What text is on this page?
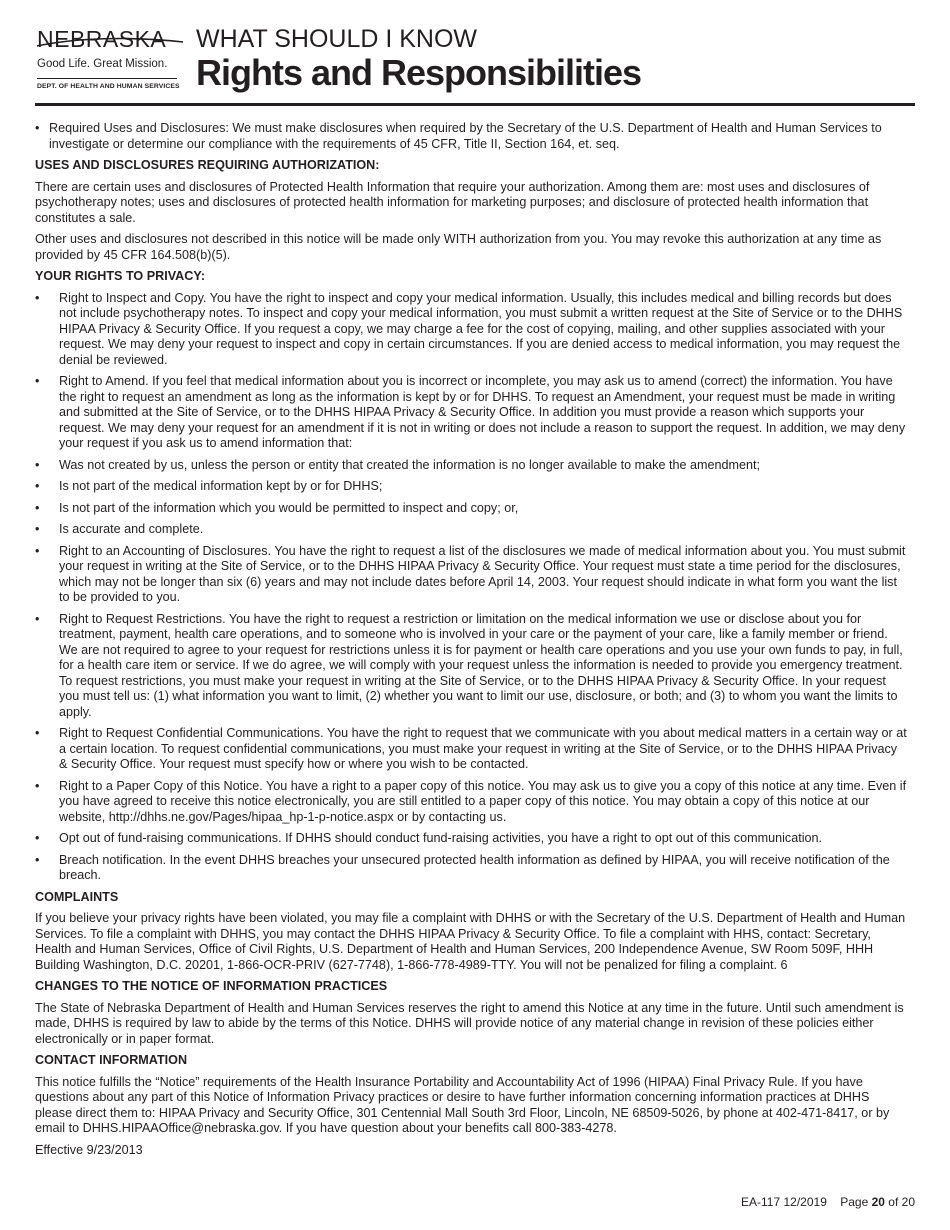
NEBRASKA
Good Life. Great Mission.
DEPT. OF HEALTH AND HUMAN SERVICES
WHAT SHOULD I KNOW
Rights and Responsibilities
• Required Uses and Disclosures: We must make disclosures when required by the Secretary of the U.S. Department of Health and Human Services to investigate or determine our compliance with the requirements of 45 CFR, Title II, Section 164, et. seq.
USES AND DISCLOSURES REQUIRING AUTHORIZATION:

There are certain uses and disclosures of Protected Health Information that require your authorization. Among them are: most uses and disclosures of psychotherapy notes; uses and disclosures of protected health information for marketing purposes; and disclosure of protected health information that constitutes a sale.

Other uses and disclosures not described in this notice will be made only WITH authorization from you. You may revoke this authorization at any time as provided by 45 CFR 164.508(b)(5).

YOUR RIGHTS TO PRIVACY:
• Right to Inspect and Copy. You have the right to inspect and copy your medical information. Usually, this includes medical and billing records but does not include psychotherapy notes. To inspect and copy your medical information, you must submit a written request at the Site of Service or to the DHHS HIPAA Privacy & Security Office. If you request a copy, we may charge a fee for the cost of copying, mailing, and other supplies associated with your request. We may deny your request to inspect and copy in certain circumstances. If you are denied access to medical information, you may request the denial be reviewed.
• Right to Amend. If you feel that medical information about you is incorrect or incomplete, you may ask us to amend (correct) the information. You have the right to request an amendment as long as the information is kept by or for DHHS. To request an Amendment, your request must be made in writing and submitted at the Site of Service, or to the DHHS HIPAA Privacy & Security Office. In addition you must provide a reason which supports your request. We may deny your request for an amendment if it is not in writing or does not include a reason to support the request. In addition, we may deny your request if you ask us to amend information that:
• Was not created by us, unless the person or entity that created the information is no longer available to make the amendment;
• Is not part of the medical information kept by or for DHHS;
• Is not part of the information which you would be permitted to inspect and copy; or,
• Is accurate and complete.
• Right to an Accounting of Disclosures. You have the right to request a list of the disclosures we made of medical information about you. You must submit your request in writing at the Site of Service, or to the DHHS HIPAA Privacy & Security Office. Your request must state a time period for the disclosures, which may not be longer than six (6) years and may not include dates before April 14, 2003. Your request should indicate in what form you want the list to be provided to you.
• Right to Request Restrictions. You have the right to request a restriction or limitation on the medical information we use or disclose about you for treatment, payment, health care operations, and to someone who is involved in your care or the payment of your care, like a family member or friend. We are not required to agree to your request for restrictions unless it is for payment or health care operations and you use your own funds to pay, in full, for a health care item or service. If we do agree, we will comply with your request unless the information is needed to provide you emergency treatment. To request restrictions, you must make your request in writing at the Site of Service, or to the DHHS HIPAA Privacy & Security Office. In your request you must tell us: (1) what information you want to limit, (2) whether you want to limit our use, disclosure, or both; and (3) to whom you want the limits to apply.
• Right to Request Confidential Communications. You have the right to request that we communicate with you about medical matters in a certain way or at a certain location. To request confidential communications, you must make your request in writing at the Site of Service, or to the DHHS HIPAA Privacy & Security Office. Your request must specify how or where you wish to be contacted.
• Right to a Paper Copy of this Notice. You have a right to a paper copy of this notice. You may ask us to give you a copy of this notice at any time. Even if you have agreed to receive this notice electronically, you are still entitled to a paper copy of this notice. You may obtain a copy of this notice at our website, http://dhhs.ne.gov/Pages/hipaa_hp-1-p-notice.aspx or by contacting us.
• Opt out of fund-raising communications. If DHHS should conduct fund-raising activities, you have a right to opt out of this communication.
• Breach notification. In the event DHHS breaches your unsecured protected health information as defined by HIPAA, you will receive notification of the breach.
COMPLAINTS

If you believe your privacy rights have been violated, you may file a complaint with DHHS or with the Secretary of the U.S. Department of Health and Human Services. To file a complaint with DHHS, you may contact the DHHS HIPAA Privacy & Security Office. To file a complaint with HHS, contact: Secretary, Health and Human Services, Office of Civil Rights, U.S. Department of Health and Human Services, 200 Independence Avenue, SW Room 509F, HHH Building Washington, D.C. 20201, 1-866-OCR-PRIV (627-7748), 1-866-778-4989-TTY. You will not be penalized for filing a complaint. 6

CHANGES TO THE NOTICE OF INFORMATION PRACTICES

The State of Nebraska Department of Health and Human Services reserves the right to amend this Notice at any time in the future. Until such amendment is made, DHHS is required by law to abide by the terms of this Notice. DHHS will provide notice of any material change in revision of these policies either electronically or in paper format.

CONTACT INFORMATION

This notice fulfills the “Notice” requirements of the Health Insurance Portability and Accountability Act of 1996 (HIPAA) Final Privacy Rule. If you have questions about any part of this Notice of Information Privacy practices or desire to have further information concerning information practices at DHHS please direct them to: HIPAA Privacy and Security Office, 301 Centennial Mall South 3rd Floor, Lincoln, NE 68509-5026, by phone at 402-471-8417, or by email to DHHS.HIPAAOffice@nebraska.gov. If you have question about your benefits call 800-383-4278.

Effective 9/23/2013
EA-117 12/2019 Page 20 of 20
